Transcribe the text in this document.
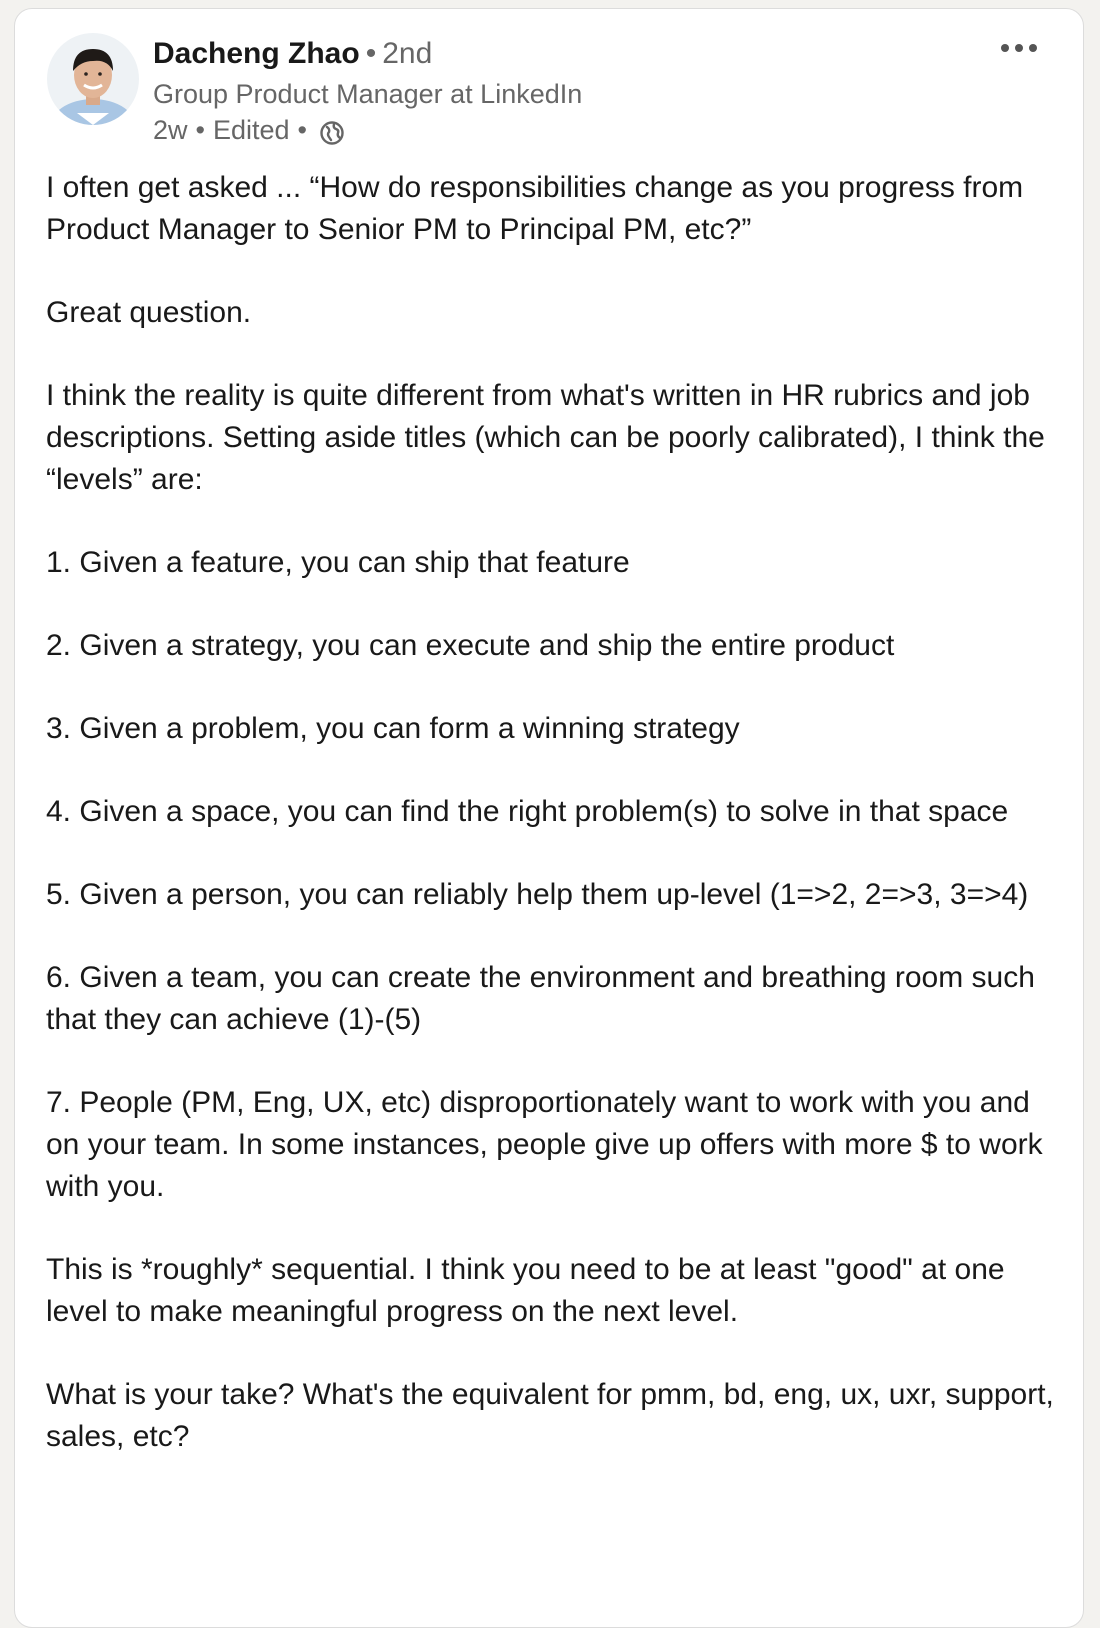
Dacheng Zhao • 2nd
Group Product Manager at LinkedIn
2w • Edited •

I often get asked ... “How do responsibilities change as you progress from Product Manager to Senior PM to Principal PM, etc?”

Great question.

I think the reality is quite different from what's written in HR rubrics and job descriptions. Setting aside titles (which can be poorly calibrated), I think the “levels” are:

1. Given a feature, you can ship that feature

2. Given a strategy, you can execute and ship the entire product

3. Given a problem, you can form a winning strategy

4. Given a space, you can find the right problem(s) to solve in that space

5. Given a person, you can reliably help them up-level (1=>2, 2=>3, 3=>4)

6. Given a team, you can create the environment and breathing room such that they can achieve (1)-(5)

7. People (PM, Eng, UX, etc) disproportionately want to work with you and on your team. In some instances, people give up offers with more $ to work with you.

This is *roughly* sequential. I think you need to be at least "good" at one level to make meaningful progress on the next level.

What is your take? What's the equivalent for pmm, bd, eng, ux, uxr, support, sales, etc?
